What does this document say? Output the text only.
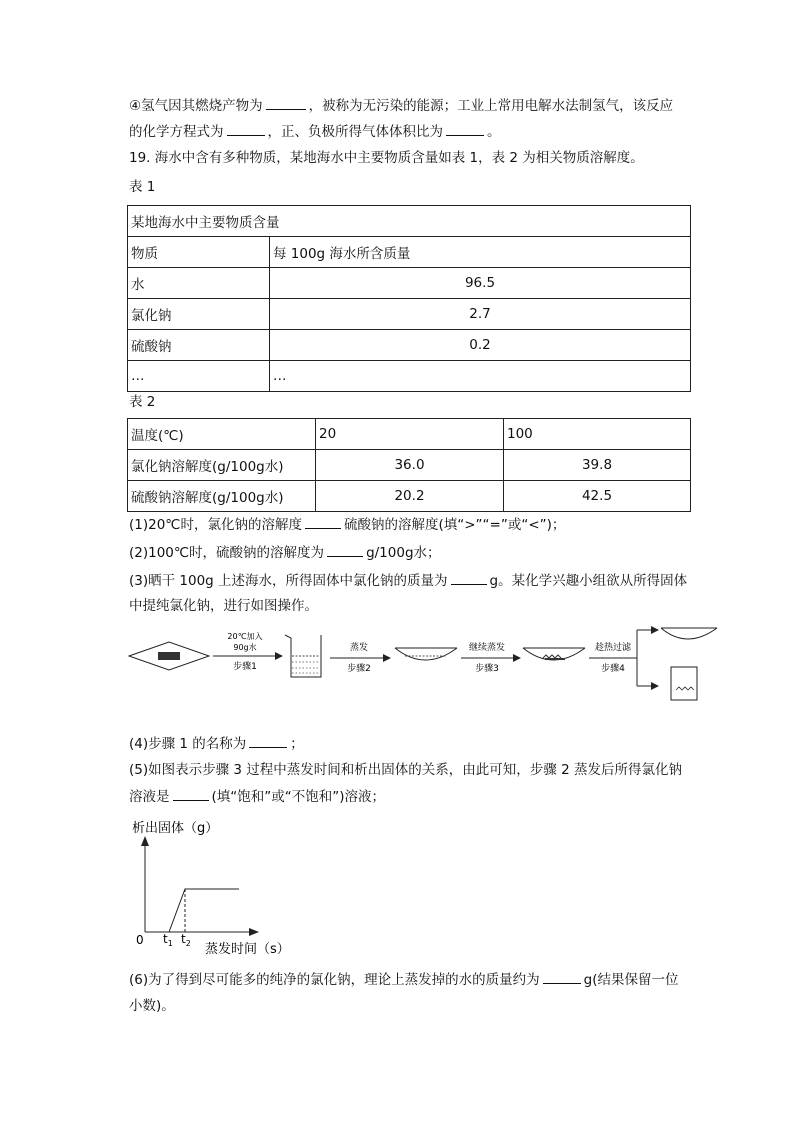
④氢气因其燃烧产物为	，被称为无污染的能源；工业上常用电解水法制氢气，该反应
的化学方程式为	，正、负极所得气体体积比为	。
19. 海水中含有多种物质，某地海水中主要物质含量如表 1，表 2 为相关物质溶解度。
表 1
某地海水中主要物质含量	
物质	每 100g 海水所含质量
水	96.5
氯化钠	2.7
硫酸钠	0.2
…	…
表 2
温度(℃)	20	100
氯化钠溶解度(g/100g水)	36.0	39.8
硫酸钠溶解度(g/100g水)	20.2	42.5
(1)20℃时，氯化钠的溶解度	硫酸钠的溶解度(填“>”“=”或“<”)；
(2)100℃时，硫酸钠的溶解度为	g/100g水；
(3)晒干 100g 上述海水，所得固体中氯化钠的质量为	g。某化学兴趣小组欲从所得固体
中提纯氯化钠，进行如图操作。
20℃加入
90g水
步骤1
蒸发
步骤2
继续蒸发
步骤3
趁热过滤
步骤4
(4)步骤 1 的名称为	；
(5)如图表示步骤 3 过程中蒸发时间和析出固体的关系，由此可知，步骤 2 蒸发后所得氯化钠
溶液是	(填“饱和”或“不饱和”)溶液；
析出固体（g）
0 $t_1$ $t_2$ 蒸发时间（s）
(6)为了得到尽可能多的纯净的氯化钠，理论上蒸发掉的水的质量约为	g(结果保留一位
小数)。
